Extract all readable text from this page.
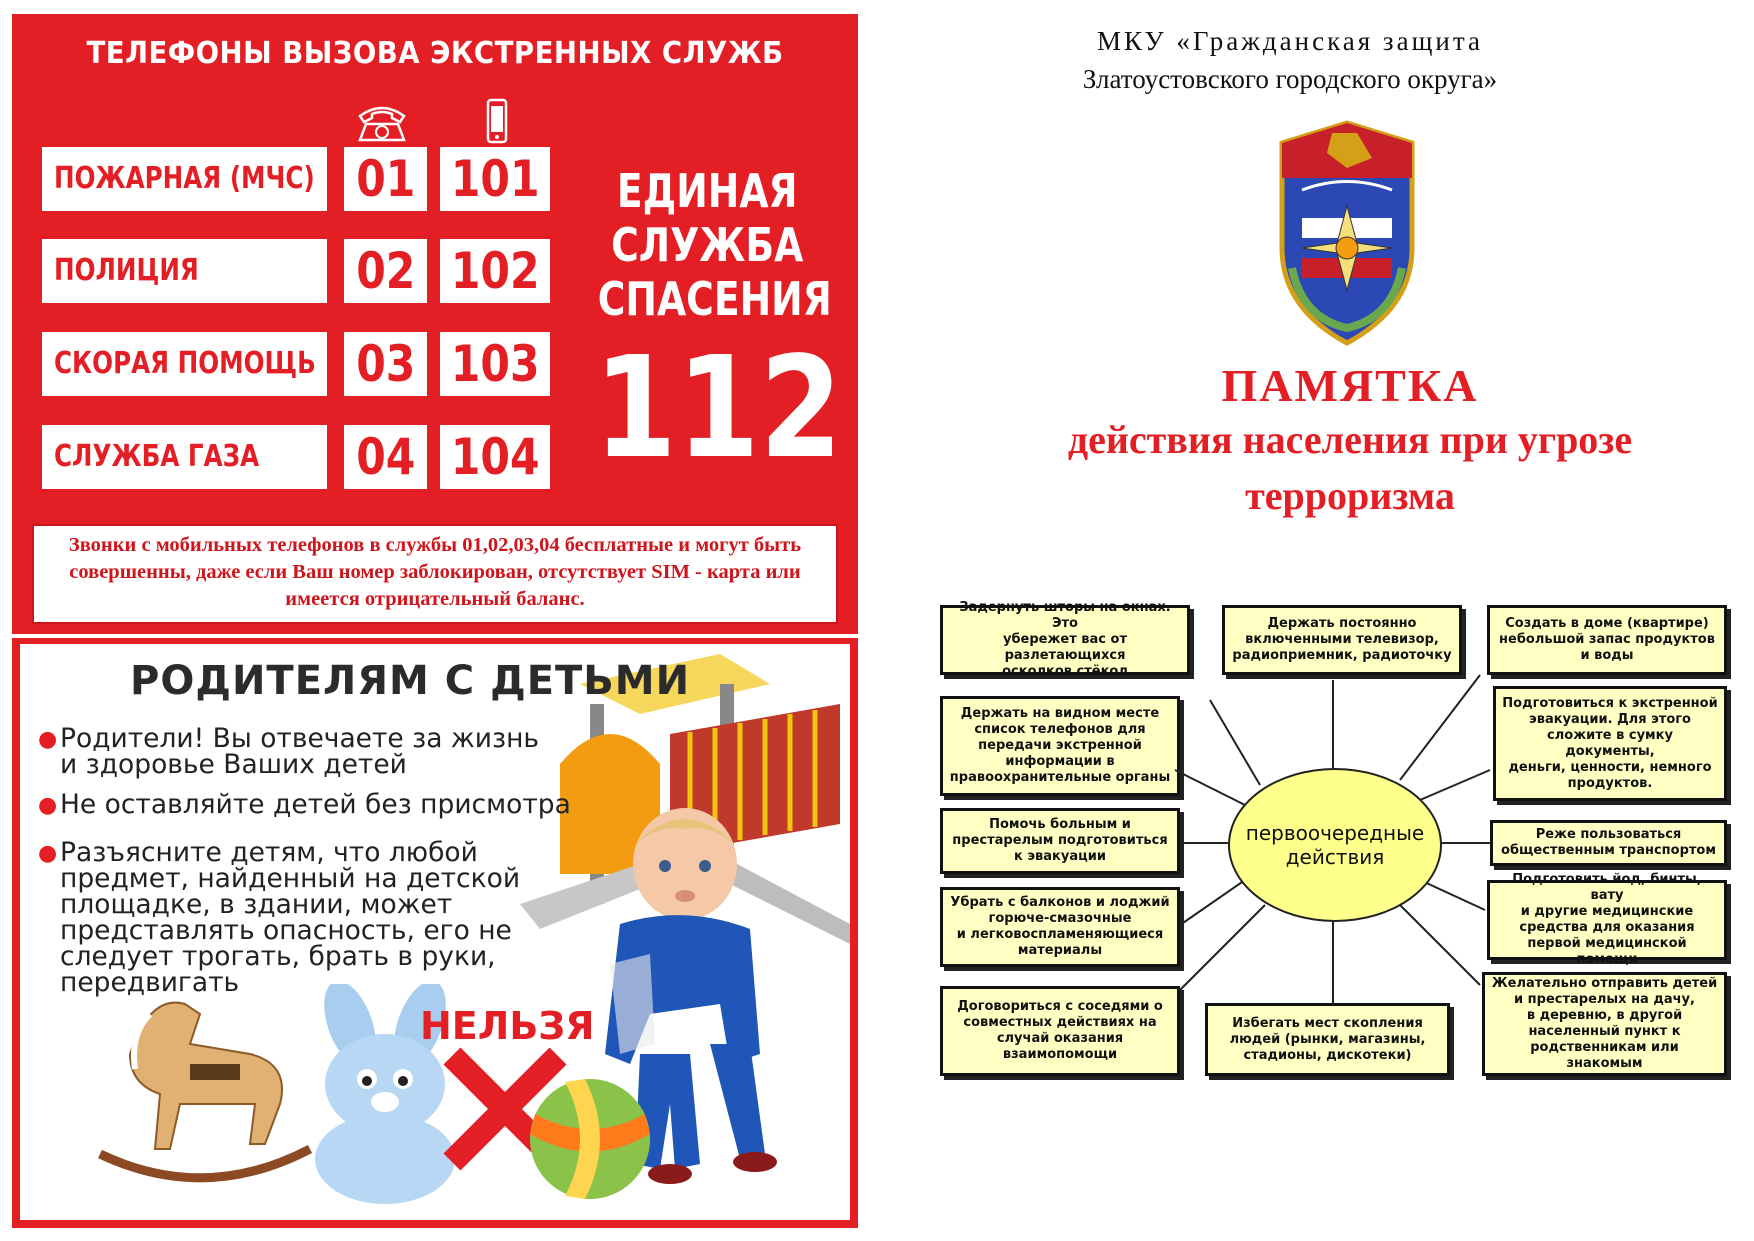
ТЕЛЕФОНЫ ВЫЗОВА ЭКСТРЕННЫХ СЛУЖБ
ПОЖАРНАЯ (МЧС) 01 101
ПОЛИЦИЯ	02 102
СКОРАЯ ПОМОЩЬ 03 103
СЛУЖБА ГАЗА	04 104
ЕДИНАЯ
СЛУЖБА
СПАСЕНИЯ
112
Звонки с мобильных телефонов в службы 01,02,03,04 бесплатные и могут быть совершенны, даже если Ваш номер заблокирован, отсутствует SIM - карта или имеется отрицательный баланс.
РОДИТЕЛЯМ С ДЕТЬМИ
● Родители! Вы отвечаете за жизнь
и здоровье Ваших детей
● Не оставляйте детей без присмотра
● Разъясните детям, что любой
предмет, найденный на детской
площадке, в здании, может
представлять опасность, его не
следует трогать, брать в руки,
передвигать
НЕЛЬЗЯ
МКУ «Гражданская защита
Златоустовского городского округа»
ПАМЯТКА
действия населения при угрозе
терроризма
первоочередные
действия
Задернуть шторы на окнах. Это
убережет вас от разлетающихся
осколков стёкол
Держать постоянно
включенными телевизор,
радиоприемник, радиоточку
Создать в доме (квартире)
небольшой запас продуктов
и воды
Держать на видном месте
список телефонов для
передачи экстренной
информации в
правоохранительные органы
Подготовиться к экстренной
эвакуации. Для этого
сложите в сумку документы,
деньги, ценности, немного
продуктов.
Помочь больным и
престарелым подготовиться
к эвакуации
Реже пользоваться
общественным транспортом
Убрать с балконов и лоджий
горюче-смазочные
и легковоспламеняющиеся
материалы
Подготовить йод, бинты, вату
и другие медицинские
средства для оказания
первой медицинской помощи
Договориться с соседями о
совместных действиях на
случай оказания
взаимопомощи
Избегать мест скопления
людей (рынки, магазины,
стадионы, дискотеки)
Желательно отправить детей
и престарелых на дачу,
в деревню, в другой
населенный пункт к
родственникам или знакомым
